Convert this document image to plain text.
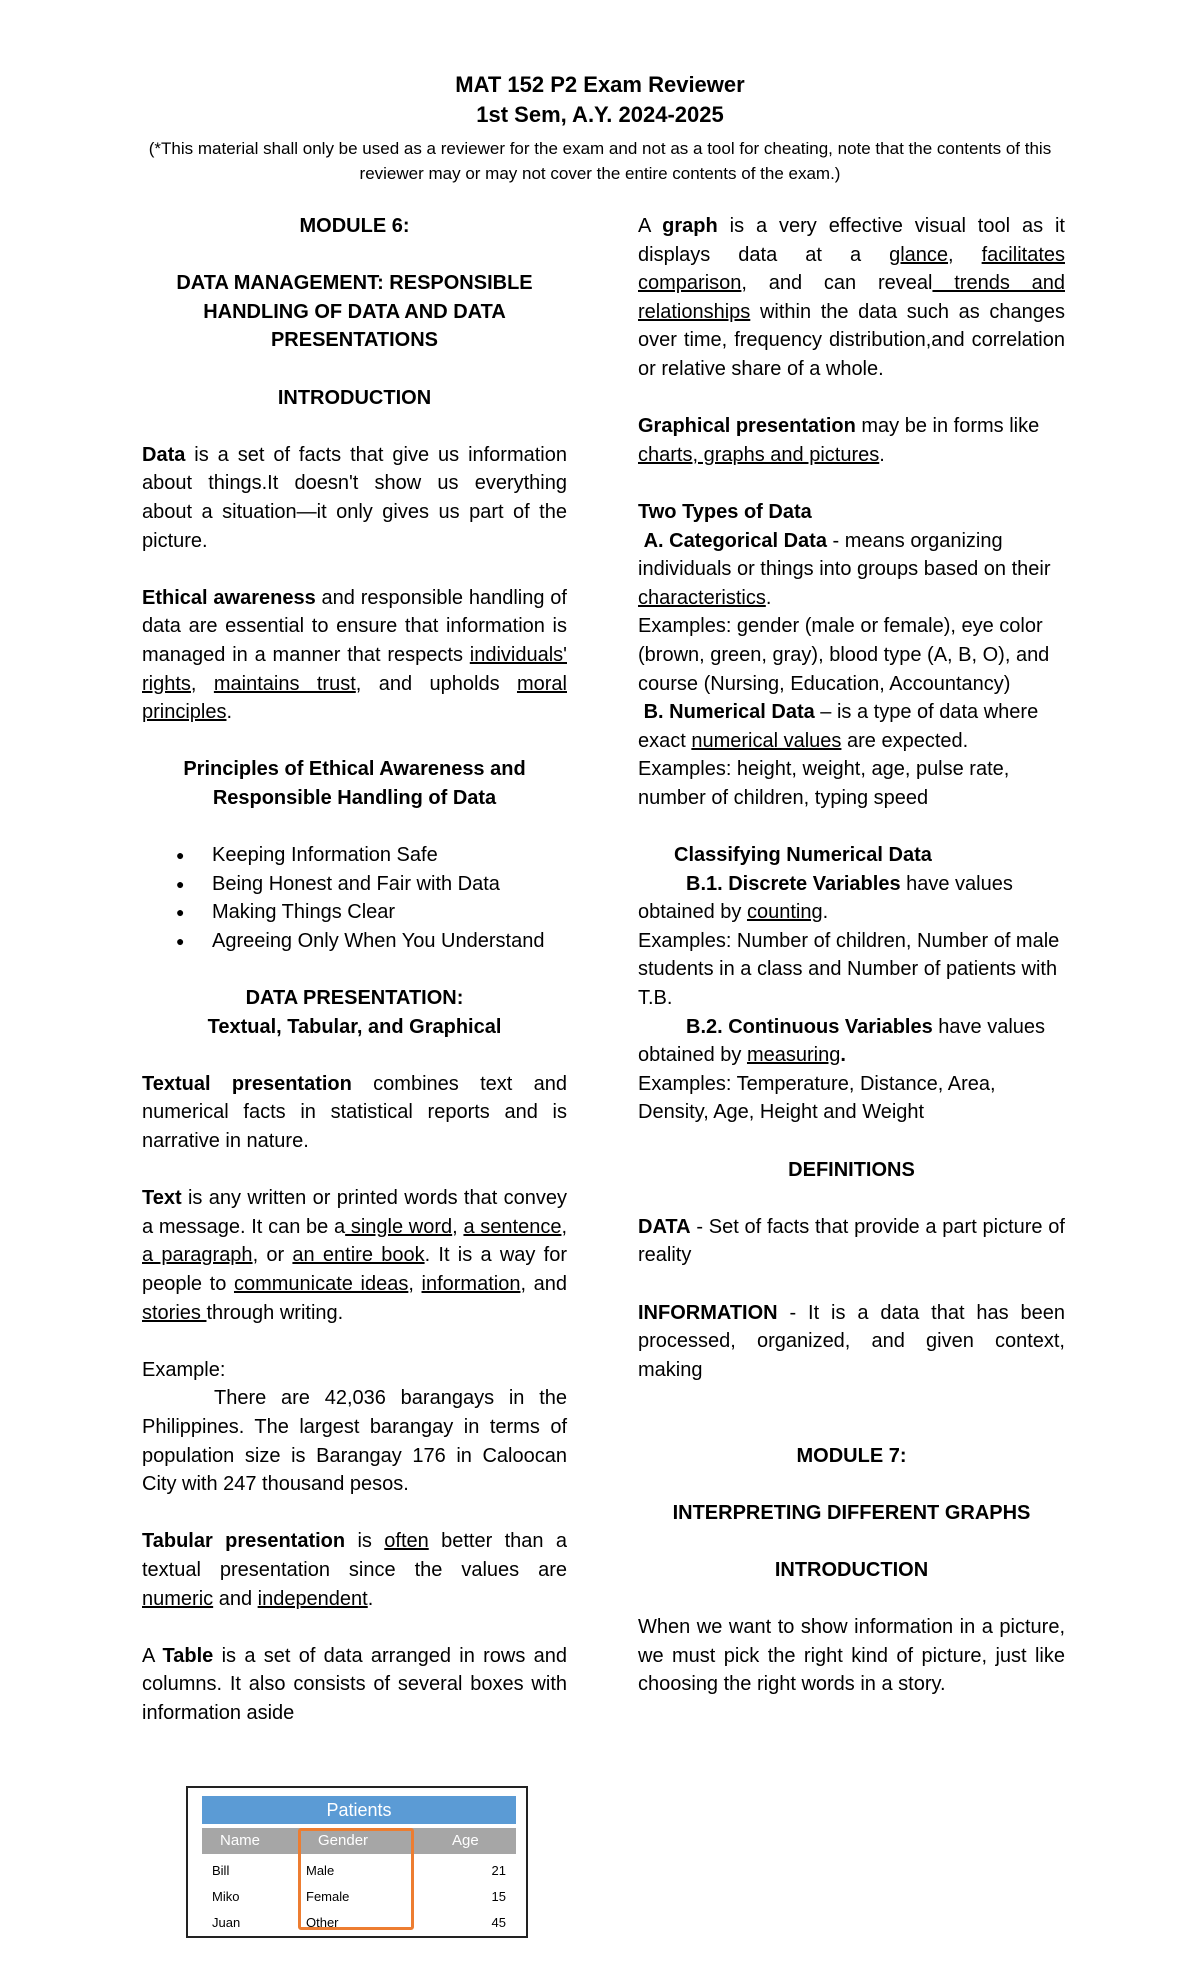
MAT 152 P2 Exam Reviewer
1st Sem, A.Y. 2024-2025
(*This material shall only be used as a reviewer for the exam and not as a tool for cheating, note that the contents of this reviewer may or may not cover the entire contents of the exam.)

MODULE 6:

DATA MANAGEMENT: RESPONSIBLE HANDLING OF DATA AND DATA PRESENTATIONS

INTRODUCTION

Data is a set of facts that give us information about things.It doesn't show us everything about a situation—it only gives us part of the picture.

Ethical awareness and responsible handling of data are essential to ensure that information is managed in a manner that respects individuals' rights, maintains trust, and upholds moral principles.

Principles of Ethical Awareness and Responsible Handling of Data

● Keeping Information Safe
● Being Honest and Fair with Data
● Making Things Clear
● Agreeing Only When You Understand

DATA PRESENTATION:

Textual, Tabular, and Graphical

Textual presentation combines text and numerical facts in statistical reports and is narrative in nature.

Text is any written or printed words that convey a message. It can be a single word, a sentence, a paragraph, or an entire book. It is a way for people to communicate ideas, information, and stories through writing.

Example:

There are 42,036 barangays in the Philippines. The largest barangay in terms of population size is Barangay 176 in Caloocan City with 247 thousand pesos.

Tabular presentation is often better than a textual presentation since the values are numeric and independent.

A Table is a set of data arranged in rows and columns. It also consists of several boxes with information aside

Patients
Name	Gender	Age
Bill	Male	21
Miko	Female	15
Juan	Other	45

A graph is a very effective visual tool as it displays data at a glance, facilitates comparison, and can reveal trends and relationships within the data such as changes over time, frequency distribution,and correlation or relative share of a whole.

Graphical presentation may be in forms like charts, graphs and pictures.

Two Types of Data

A. Categorical Data - means organizing individuals or things into groups based on their characteristics.

Examples: gender (male or female), eye color (brown, green, gray), blood type (A, B, O), and course (Nursing, Education, Accountancy)

B. Numerical Data – is a type of data where exact numerical values are expected.

Examples: height, weight, age, pulse rate, number of children, typing speed

Classifying Numerical Data

B.1. Discrete Variables have values obtained by counting.

Examples: Number of children, Number of male students in a class and Number of patients with T.B.

B.2. Continuous Variables have values obtained by measuring.

Examples: Temperature, Distance, Area, Density, Age, Height and Weight

DEFINITIONS

DATA - Set of facts that provide a part picture of reality

INFORMATION - It is a data that has been processed, organized, and given context, making

MODULE 7:

INTERPRETING DIFFERENT GRAPHS

INTRODUCTION

When we want to show information in a picture, we must pick the right kind of picture, just like choosing the right words in a story.
